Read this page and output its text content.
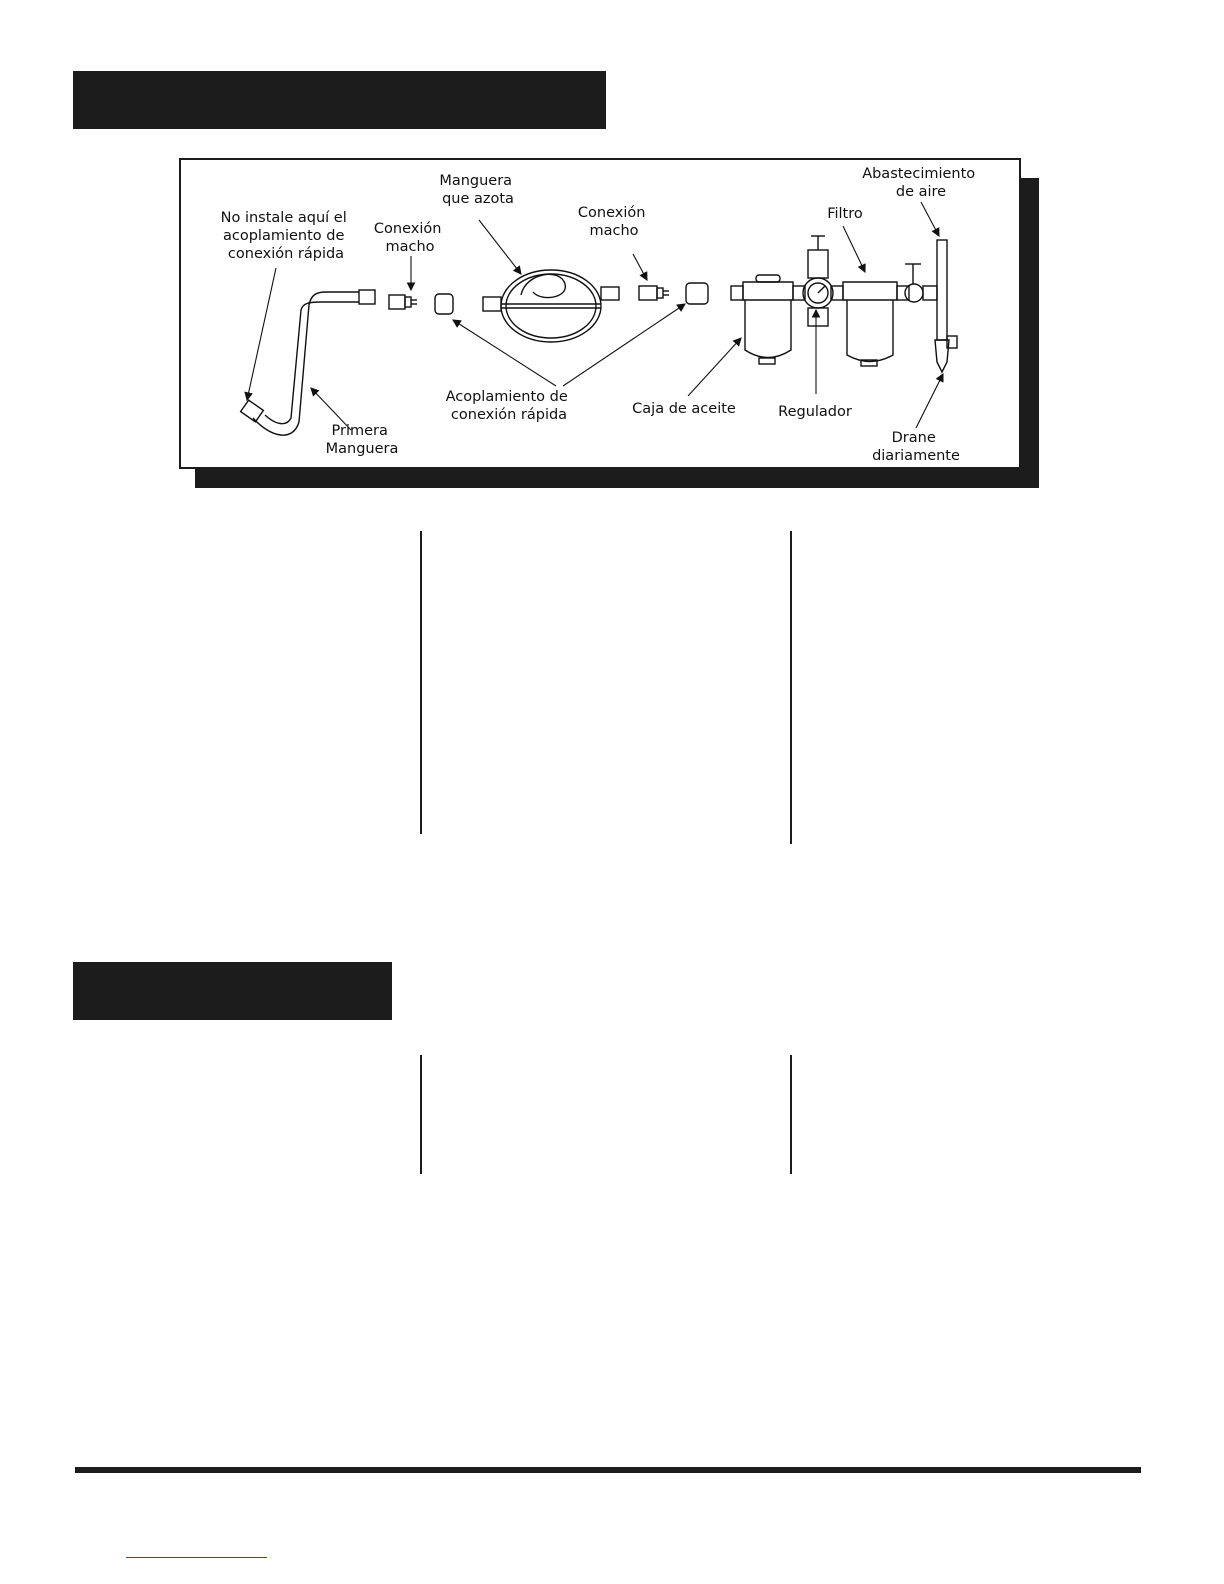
No instale aquí el acoplamiento de conexión rápida
Conexión macho
Manguera que azota
Conexión macho
Filtro
Abastecimiento de aire
Acoplamiento de conexión rápida	Caja de aceite	Regulador
Primera Manguera
Drane diariamente
